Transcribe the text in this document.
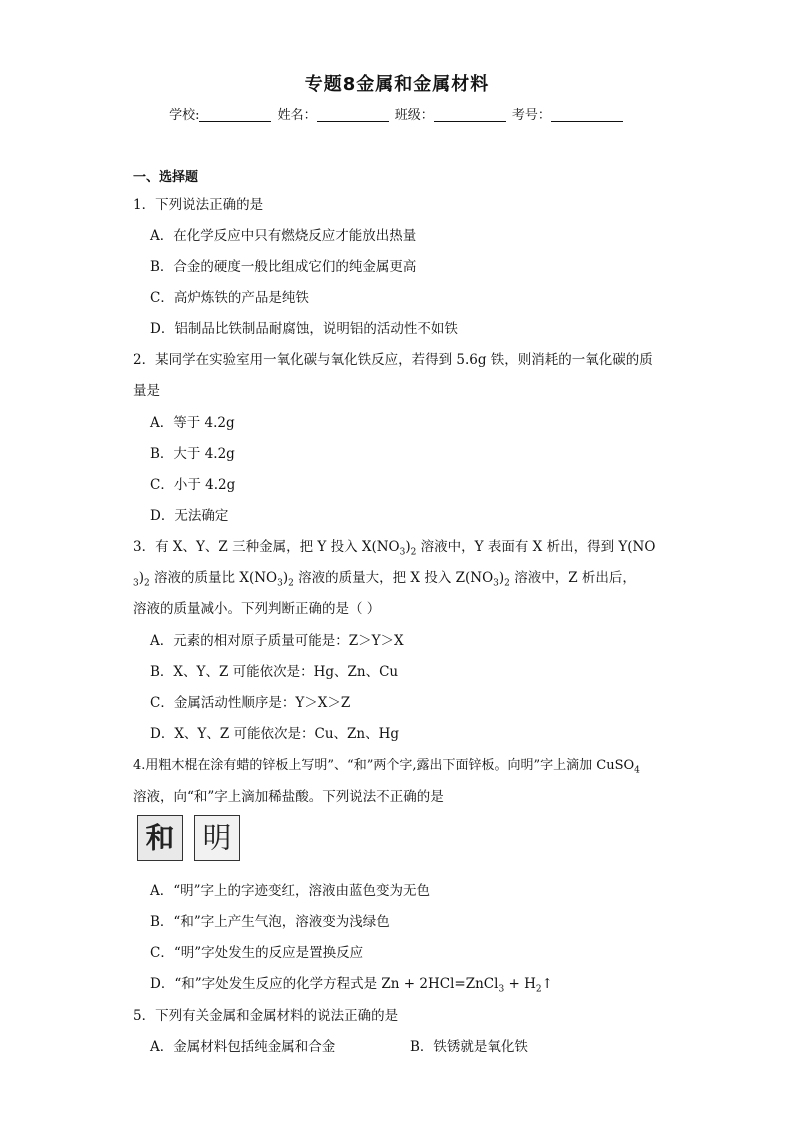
专题8金属和金属材料
学校:	姓名：	班级：	考号：
一、选择题
1．下列说法正确的是
A．在化学反应中只有燃烧反应才能放出热量
B．合金的硬度一般比组成它们的纯金属更高
C．高炉炼铁的产品是纯铁
D．铝制品比铁制品耐腐蚀，说明铝的活动性不如铁
2．某同学在实验室用一氧化碳与氧化铁反应，若得到 5.6g 铁，则消耗的一氧化碳的质
量是
A．等于 4.2g
B．大于 4.2g
C．小于 4.2g
D．无法确定
3．有 X、Y、Z 三种金属，把 Y 投入 $X(NO_3)_2$ 溶液中，Y 表面有 X 析出，得到 Y(NO
$_3)_2$ 溶液的质量比 $X(NO_3)_2$ 溶液的质量大，把 X 投入 $Z(NO_3)_2$ 溶液中，Z 析出后，
溶液的质量减小。下列判断正确的是（ ）
A．元素的相对原子质量可能是：Z＞Y＞X
B．X、Y、Z 可能依次是：Hg、Zn、Cu
C．金属活动性顺序是：Y＞X＞Z
D．X、Y、Z 可能依次是：Cu、Zn、Hg
4.用粗木棍在涂有蜡的锌板上写明”、“和”两个字,露出下面锌板。向明”字上滴加 CuSO$_4$
溶液，向“和”字上滴加稀盐酸。下列说法不正确的是
和 明
A．“明”字上的字迹变红，溶液由蓝色变为无色
B．“和”字上产生气泡，溶液变为浅绿色
C．“明”字处发生的反应是置换反应
D．“和”字处发生反应的化学方程式是 Zn + 2HCl=ZnCl$_3$ + $H_2↑$
5．下列有关金属和金属材料的说法正确的是
A．金属材料包括纯金属和合金	B．铁锈就是氧化铁
